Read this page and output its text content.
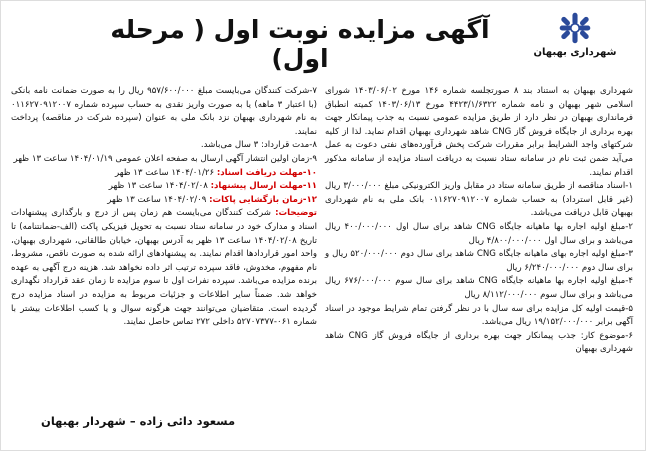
شهرداری بهبهان
آگهی مزایده نوبت اول ( مرحله اول)

شهرداری بهبهان به استناد بند ۸ صورتجلسه شماره ۱۴۶ مورخ ۱۴۰۳/۰۶/۰۲ شورای اسلامی شهر بهبهان و نامه شماره ۴۴۲۳/۱/۶۳۲۲ مورخ ۱۴۰۳/۰۶/۱۳ کمیته انطباق فرمانداری بهبهان در نظر دارد از طریق مزایده عمومی نسبت به جذب پیمانکار جهت بهره برداری از جایگاه فروش گاز CNG شاهد شهرداری بهبهان اقدام نماید. لذا از کلیه شرکتهای واجد الشرایط برابر مقررات شرکت پخش فرآورده‌های نفتی دعوت به عمل می‌آید ضمن ثبت نام در سامانه ستاد نسبت به دریافت اسناد مزایده از سامانه مذکور اقدام نمایند.

۱-اسناد مناقصه از طریق سامانه ستاد در مقابل واریز الکترونیکی مبلغ ۳/۰۰۰/۰۰۰ ریال (غیر قابل استرداد) به حساب شماره ۰۱۱۶۲۷۰۹۱۲۰۰۷ بانک ملی به نام شهرداری بهبهان قابل دریافت می‌باشد.

۲-مبلغ اولیه اجاره بها ماهیانه جایگاه CNG شاهد برای سال اول ۴۰۰/۰۰۰/۰۰۰ ریال می‌باشد و برای سال اول ۴/۸۰۰/۰۰۰/۰۰۰ ریال

۳-مبلغ اولیه اجاره بهای ماهیانه جایگاه CNG شاهد برای سال دوم ۵۲۰/۰۰۰/۰۰۰ ریال و برای سال دوم ۶/۲۴۰/۰۰۰/۰۰۰ ریال

۴-مبلغ اولیه اجاره بها ماهیانه جایگاه CNG شاهد برای سال سوم ۶۷۶/۰۰۰/۰۰۰ ریال می‌باشد و برای سال سوم ۸/۱۱۲/۰۰۰/۰۰۰ ریال

۵-قیمت اولیه کل مزایده برای سه سال با در نظر گرفتن تمام شرایط موجود در اسناد آگهی برابر ۱۹/۱۵۲/۰۰۰/۰۰۰ ریال می‌باشد.

۶-موضوع کار: جذب پیمانکار جهت بهره برداری از جایگاه فروش گاز CNG شاهد شهرداری بهبهان

۷-شرکت کنندگان می‌بایست مبلغ ۹۵۷/۶۰۰/۰۰۰ ریال را به صورت ضمانت نامه بانکی (با اعتبار ۳ ماهه) یا به صورت واریز نقدی به حساب سپرده شماره ۰۱۱۶۲۷۰۹۱۲۰۰۷ به نام شهرداری بهبهان نزد بانک ملی به عنوان (سپرده شرکت در مناقصه) پرداخت نمایند.

۸-مدت قرارداد: ۳ سال می‌باشد.

۹-زمان اولین انتشار آگهی ارسال به صفحه اعلان عمومی ۱۴۰۴/۰۱/۱۹ ساعت ۱۳ ظهر

۱۰-مهلت دریافت اسناد: ۱۴۰۴/۰۱/۲۶ ساعت ۱۳ ظهر

۱۱-مهلت ارسال پیشنهاد: ۱۴۰۴/۰۲/۰۸ ساعت ۱۳ ظهر

۱۲-زمان بازگشایی پاکات: ۱۴۰۴/۰۲/۰۹ ساعت ۱۳ ظهر

توضیحات: شرکت کنندگان می‌بایست هم زمان پس از درج و بارگذاری پیشنهادات اسناد و مدارک خود در سامانه ستاد نسبت به تحویل فیزیکی پاکت (الف-ضمانتنامه) تا تاریخ ۱۴۰۴/۰۲/۰۸ ساعت ۱۳ ظهر به آدرس بهبهان، خیابان طالقانی، شهرداری بهبهان، واحد امور قراردادها اقدام نمایند. به پیشنهادهای ارائه شده به صورت ناقص، مشروط، نام مفهوم، مخدوش، فاقد سپرده ترتیب اثر داده نخواهد شد. هزینه درج آگهی به عهده برنده مزایده می‌باشد. سپرده نفرات اول تا سوم مزایده تا زمان عقد قرارداد نگهداری خواهد شد. ضمناً سایر اطلاعات و جزئیات مربوط به مزایده در اسناد مزایده درج گردیده است. متقاضیان می‌توانند جهت هرگونه سوال و یا کسب اطلاعات بیشتر با شماره ۰۶۱-۵۲۷۰۷۳۷۷ داخلی ۲۷۲ تماس حاصل نمایند.

مسعود دائی زاده – شهردار بهبهان
